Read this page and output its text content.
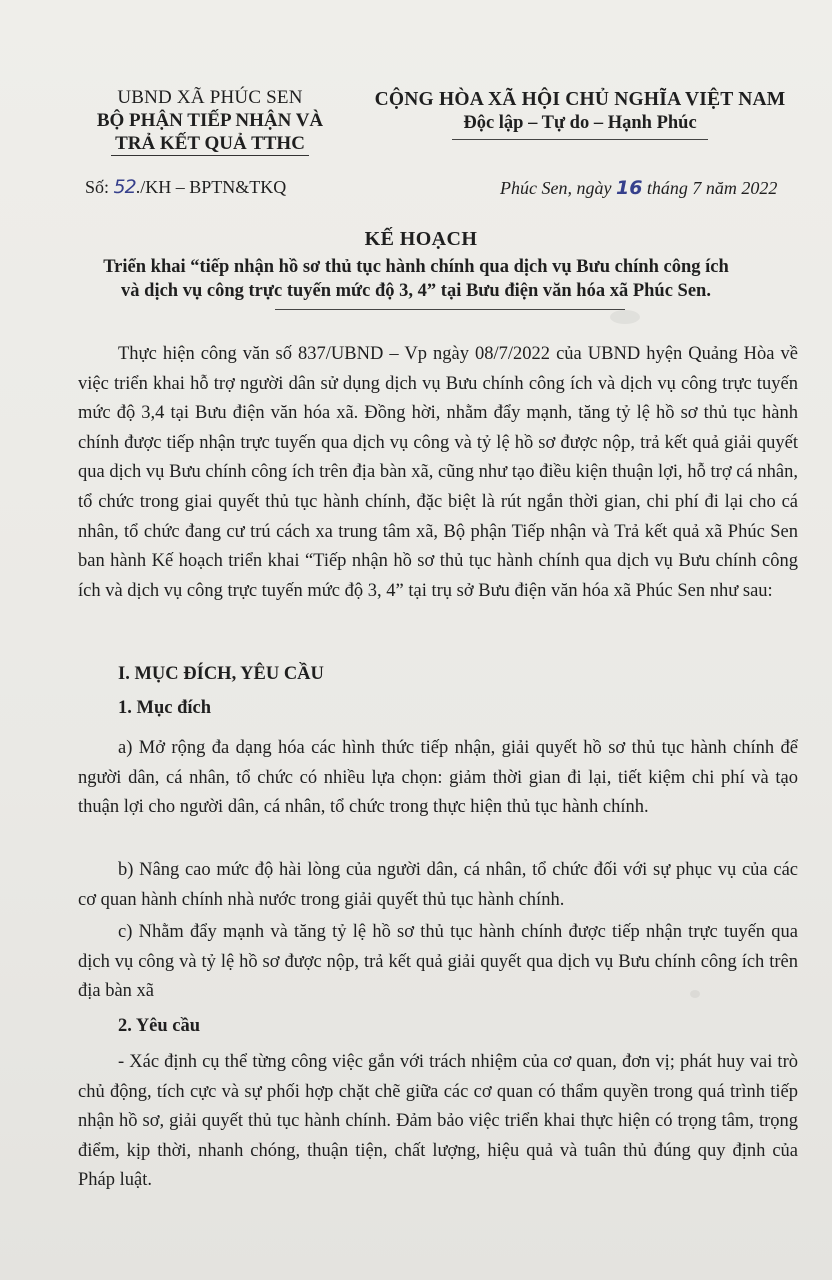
UBND XÃ PHÚC SEN
BỘ PHẬN TIẾP NHẬN VÀ
TRẢ KẾT QUẢ TTHC
CỘNG HÒA XÃ HỘI CHỦ NGHĨA VIỆT NAM
Độc lập – Tự do – Hạnh Phúc
Số: 52./KH – BPTN&TKQ	Phúc Sen, ngày 16 tháng 7 năm 2022
KẾ HOẠCH
Triển khai “tiếp nhận hồ sơ thủ tục hành chính qua dịch vụ Bưu chính công ích
và dịch vụ công trực tuyến mức độ 3, 4” tại Bưu điện văn hóa xã Phúc Sen.

Thực hiện công văn số 837/UBND – Vp ngày 08/7/2022 của UBND hyện Quảng Hòa về việc triển khai hỗ trợ người dân sử dụng dịch vụ Bưu chính công ích và dịch vụ công trực tuyến mức độ 3,4 tại Bưu điện văn hóa xã. Đồng hời, nhằm đẩy mạnh, tăng tỷ lệ hồ sơ thủ tục hành chính được tiếp nhận trực tuyến qua dịch vụ công và tỷ lệ hồ sơ được nộp, trả kết quả giải quyết qua dịch vụ Bưu chính công ích trên địa bàn xã, cũng như tạo điều kiện thuận lợi, hỗ trợ cá nhân, tổ chức trong giai quyết thủ tục hành chính, đặc biệt là rút ngắn thời gian, chi phí đi lại cho cá nhân, tổ chức đang cư trú cách xa trung tâm xã, Bộ phận Tiếp nhận và Trả kết quả xã Phúc Sen ban hành Kế hoạch triển khai “Tiếp nhận hồ sơ thủ tục hành chính qua dịch vụ Bưu chính công ích và dịch vụ công trực tuyến mức độ 3, 4” tại trụ sở Bưu điện văn hóa xã Phúc Sen như sau:

I. MỤC ĐÍCH, YÊU CẦU
1. Mục đích

a) Mở rộng đa dạng hóa các hình thức tiếp nhận, giải quyết hồ sơ thủ tục hành chính để người dân, cá nhân, tổ chức có nhiều lựa chọn: giảm thời gian đi lại, tiết kiệm chi phí và tạo thuận lợi cho người dân, cá nhân, tổ chức trong thực hiện thủ tục hành chính.

b) Nâng cao mức độ hài lòng của người dân, cá nhân, tổ chức đối với sự phục vụ của các cơ quan hành chính nhà nước trong giải quyết thủ tục hành chính.

c) Nhằm đẩy mạnh và tăng tỷ lệ hồ sơ thủ tục hành chính được tiếp nhận trực tuyến qua dịch vụ công và tỷ lệ hồ sơ được nộp, trả kết quả giải quyết qua dịch vụ Bưu chính công ích trên địa bàn xã

2. Yêu cầu

- Xác định cụ thể từng công việc gắn với trách nhiệm của cơ quan, đơn vị; phát huy vai trò chủ động, tích cực và sự phối hợp chặt chẽ giữa các cơ quan có thẩm quyền trong quá trình tiếp nhận hồ sơ, giải quyết thủ tục hành chính. Đảm bảo việc triển khai thực hiện có trọng tâm, trọng điểm, kịp thời, nhanh chóng, thuận tiện, chất lượng, hiệu quả và tuân thủ đúng quy định của Pháp luật.
